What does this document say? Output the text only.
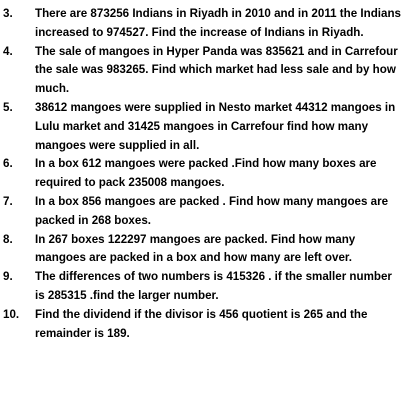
3.	There are 873256 Indians in Riyadh in 2010 and in 2011 the Indians increased to 974527. Find the increase of Indians in Riyadh.
4.	The sale of mangoes in Hyper Panda was 835621 and in Carrefour the sale was 983265. Find which market had less sale and by how much.
5.	38612 mangoes were supplied in Nesto market 44312 mangoes in Lulu market and 31425 mangoes in Carrefour find how many mangoes were supplied in all.
6.	In a box 612 mangoes were packed .Find how many boxes are required to pack 235008 mangoes.
7.	In a box 856 mangoes are packed . Find how many mangoes are packed in 268 boxes.
8.	In 267 boxes 122297 mangoes are packed. Find how many mangoes are packed in a box and how many are left over.
9.	The differences of two numbers is 415326 . if the smaller number is 285315 .find the larger number.
10.	Find the dividend if the divisor is 456 quotient is 265 and the remainder is 189.
